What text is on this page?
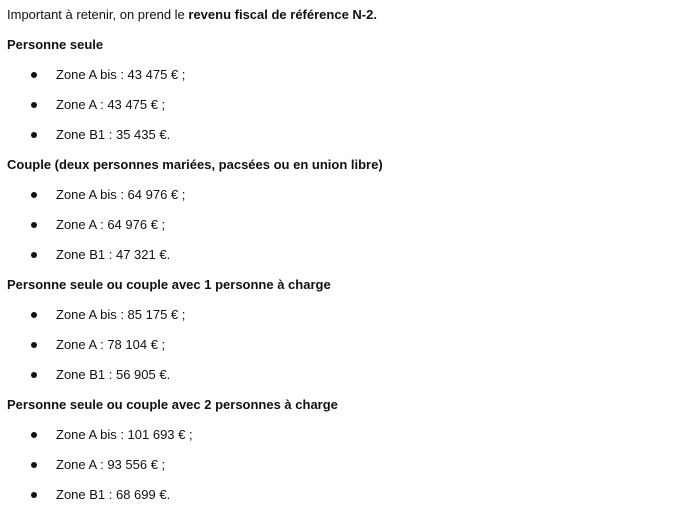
Important à retenir, on prend le revenu fiscal de référence N-2.
Personne seule
Zone A bis : 43 475 € ;
Zone A : 43 475 € ;
Zone B1 : 35 435 €.
Couple (deux personnes mariées, pacsées ou en union libre)
Zone A bis : 64 976 € ;
Zone A : 64 976 € ;
Zone B1 : 47 321 €.
Personne seule ou couple avec 1 personne à charge
Zone A bis : 85 175 € ;
Zone A : 78 104 € ;
Zone B1 : 56 905 €.
Personne seule ou couple avec 2 personnes à charge
Zone A bis : 101 693 € ;
Zone A : 93 556 € ;
Zone B1 : 68 699 €.
